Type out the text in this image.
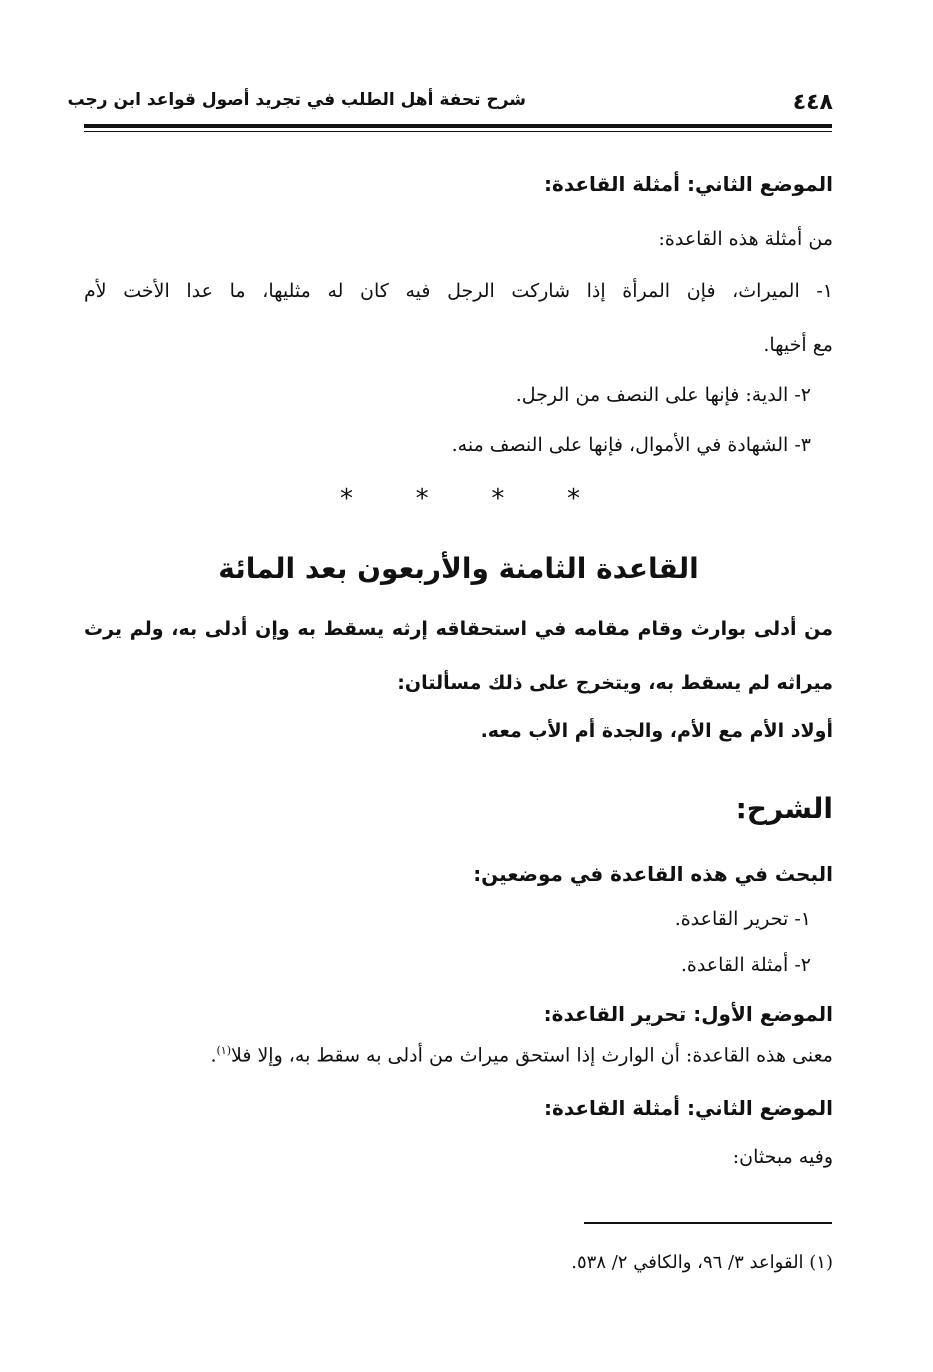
٤٤٨
شرح تحفة أهل الطلب في تجريد أصول قواعد ابن رجب
الموضع الثاني: أمثلة القاعدة:
من أمثلة هذه القاعدة:
١- الميراث، فإن المرأة إذا شاركت الرجل فيه كان له مثليها، ما عدا الأخت لأم
مع أخيها.
٢- الدية: فإنها على النصف من الرجل.
٣- الشهادة في الأموال، فإنها على النصف منه.
* * * *
القاعدة الثامنة والأربعون بعد المائة
من أدلى بوارث وقام مقامه في استحقاقه إرثه يسقط به وإن أدلى به، ولم يرث
ميراثه لم يسقط به، ويتخرج على ذلك مسألتان:
أولاد الأم مع الأم، والجدة أم الأب معه.
الشرح:
البحث في هذه القاعدة في موضعين:
١- تحرير القاعدة.
٢- أمثلة القاعدة.
الموضع الأول: تحرير القاعدة:
معنى هذه القاعدة: أن الوارث إذا استحق ميراث من أدلى به سقط به، وإلا فلا$^{(١)}$.
الموضع الثاني: أمثلة القاعدة:
وفيه مبحثان:
(١) القواعد ٣/ ٩٦، والكافي ٢/ ٥٣٨.
